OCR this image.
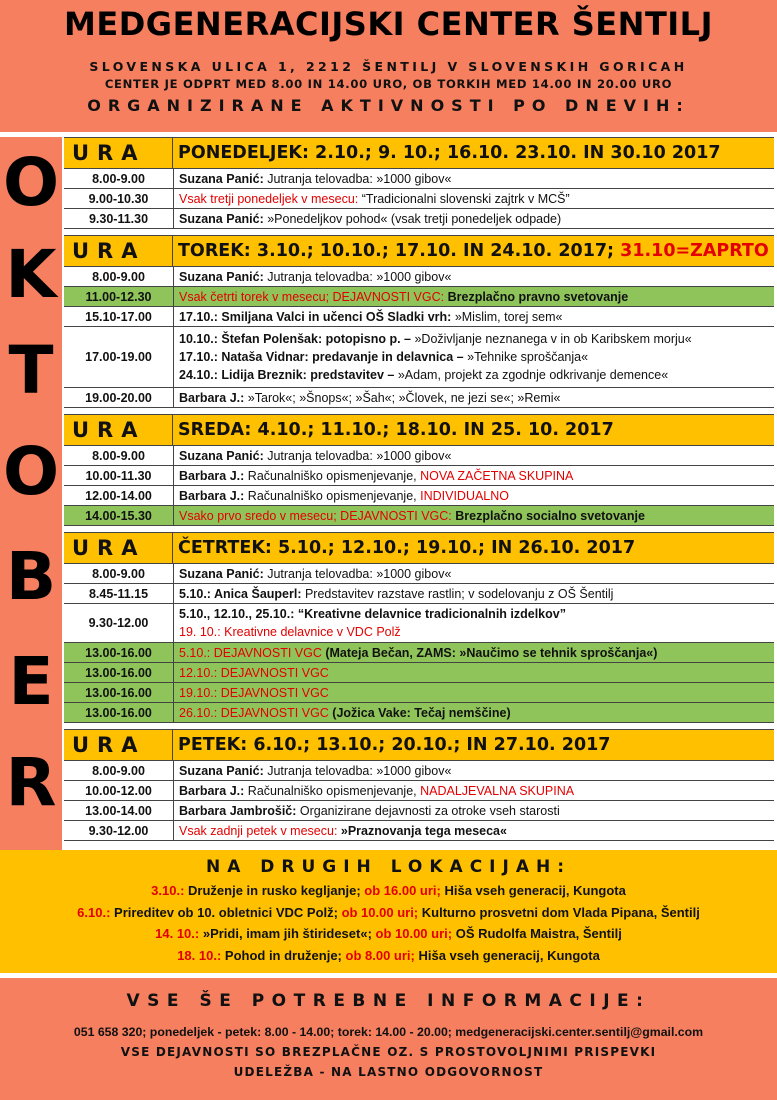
MEDGENERACIJSKI CENTER ŠENTILJ
SLOVENSKA ULICA 1, 2212 ŠENTILJ V SLOVENSKIH GORICAH
CENTER JE ODPRT MED 8.00 IN 14.00 URO, OB TORKIH MED 14.00 IN 20.00 URO
ORGANIZIRANE AKTIVNOSTI PO DNEVIH:
O
K
T
O
B
E
R
URA	PONEDELJEK: 2.10.; 9. 10.; 16.10. 23.10. IN 30.10 2017
8.00-9.00	Suzana Panić: Jutranja telovadba: »1000 gibov«
9.00-10.30	Vsak tretji ponedeljek v mesecu: “Tradicionalni slovenski zajtrk v MCŠ”
9.30-11.30	Suzana Panić: »Ponedeljkov pohod« (vsak tretji ponedeljek odpade)
URA	TOREK: 3.10.; 10.10.; 17.10. IN 24.10. 2017; 31.10=ZAPRTO
8.00-9.00	Suzana Panić: Jutranja telovadba: »1000 gibov«
11.00-12.30	Vsak četrti torek v mesecu; DEJAVNOSTI VGC: Brezplačno pravno svetovanje
15.10-17.00	17.10.: Smiljana Valci in učenci OŠ Sladki vrh: »Mislim, torej sem«
17.00-19.00
10.10.: Štefan Polenšak: potopisno p. – »Doživljanje neznanega v in ob Karibskem morju«
17.10.: Nataša Vidnar: predavanje in delavnica – »Tehnike sproščanja«
24.10.: Lidija Breznik: predstavitev – »Adam, projekt za zgodnje odkrivanje demence«
19.00-20.00	Barbara J.: »Tarok«; »Šnops«; »Šah«; »Človek, ne jezi se«; »Remi«
URA	SREDA: 4.10.; 11.10.; 18.10. IN 25. 10. 2017
8.00-9.00	Suzana Panić: Jutranja telovadba: »1000 gibov«
10.00-11.30	Barbara J.: Računalniško opismenjevanje, NOVA ZAČETNA SKUPINA
12.00-14.00	Barbara J.: Računalniško opismenjevanje, INDIVIDUALNO
14.00-15.30	Vsako prvo sredo v mesecu; DEJAVNOSTI VGC: Brezplačno socialno svetovanje
URA	ČETRTEK: 5.10.; 12.10.; 19.10.; IN 26.10. 2017
8.00-9.00	Suzana Panić: Jutranja telovadba: »1000 gibov«
8.45-11.15	5.10.: Anica Šauperl: Predstavitev razstave rastlin; v sodelovanju z OŠ Šentilj
9.30-12.00
5.10., 12.10., 25.10.: “Kreativne delavnice tradicionalnih izdelkov”
19. 10.: Kreativne delavnice v VDC Polž
13.00-16.00	5.10.: DEJAVNOSTI VGC (Mateja Bečan, ZAMS: »Naučimo se tehnik sproščanja«)
13.00-16.00	12.10.: DEJAVNOSTI VGC
13.00-16.00	19.10.: DEJAVNOSTI VGC
13.00-16.00	26.10.: DEJAVNOSTI VGC (Jožica Vake: Tečaj nemščine)
URA	PETEK: 6.10.; 13.10.; 20.10.; IN 27.10. 2017
8.00-9.00	Suzana Panić: Jutranja telovadba: »1000 gibov«
10.00-12.00	Barbara J.: Računalniško opismenjevanje, NADALJEVALNA SKUPINA
13.00-14.00	Barbara Jambrošič: Organizirane dejavnosti za otroke vseh starosti
9.30-12.00	Vsak zadnji petek v mesecu: »Praznovanja tega meseca«
NA DRUGIH LOKACIJAH:
3.10.: Druženje in rusko kegljanje; ob 16.00 uri; Hiša vseh generacij, Kungota
6.10.: Prireditev ob 10. obletnici VDC Polž; ob 10.00 uri; Kulturno prosvetni dom Vlada Pipana, Šentilj
14. 10.: »Pridi, imam jih štirideset«; ob 10.00 uri; OŠ Rudolfa Maistra, Šentilj
18. 10.: Pohod in druženje; ob 8.00 uri; Hiša vseh generacij, Kungota
VSE ŠE POTREBNE INFORMACIJE:
051 658 320; ponedeljek - petek: 8.00 - 14.00; torek: 14.00 - 20.00; medgeneracijski.center.sentilj@gmail.com
VSE DEJAVNOSTI SO BREZPLAČNE OZ. S PROSTOVOLJNIMI PRISPEVKI
UDELEŽBA - NA LASTNO ODGOVORNOST
